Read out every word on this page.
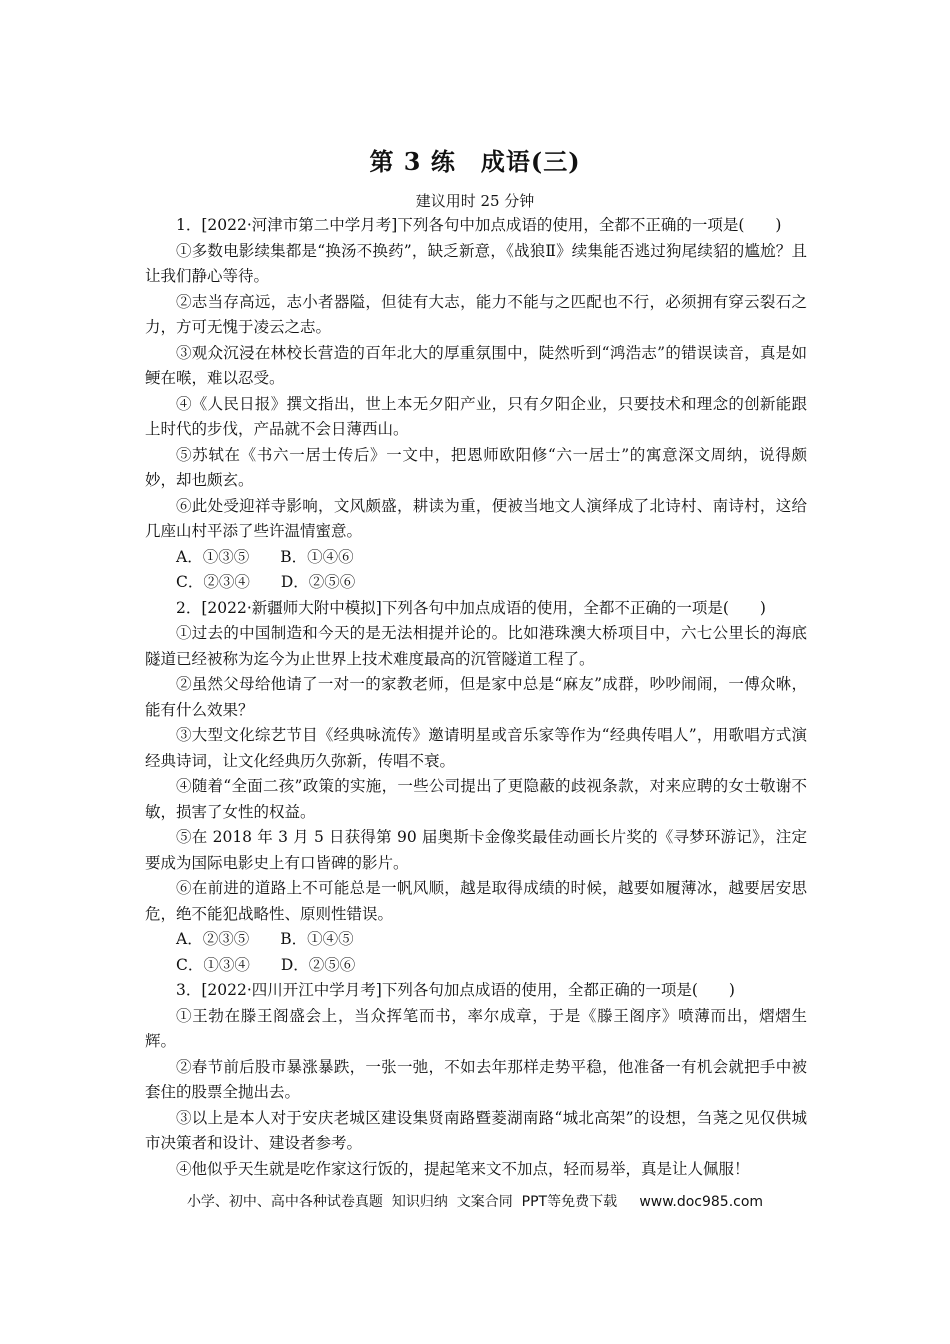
第 3 练　成语(三)
建议用时 25 分钟

1．[2022·河津市第二中学月考]下列各句中加点成语的使用，全都不正确的一项是(　　)

①多数电影续集都是“换汤不换药”，缺乏新意，《战狼Ⅱ》续集能否逃过狗尾续貂的尴尬？且让我们静心等待。

②志当存高远，志小者器隘，但徒有大志，能力不能与之匹配也不行，必须拥有穿云裂石之力，方可无愧于凌云之志。

③观众沉浸在林校长营造的百年北大的厚重氛围中，陡然听到“鸿浩志”的错误读音，真是如鲠在喉，难以忍受。

④《人民日报》撰文指出，世上本无夕阳产业，只有夕阳企业，只要技术和理念的创新能跟上时代的步伐，产品就不会日薄西山。

⑤苏轼在《书六一居士传后》一文中，把恩师欧阳修“六一居士”的寓意深文周纳，说得颇妙，却也颇玄。

⑥此处受迎祥寺影响，文风颇盛，耕读为重，便被当地文人演绎成了北诗村、南诗村，这给几座山村平添了些许温情蜜意。

A．①③⑤　　B．①④⑥

C．②③④　　D．②⑤⑥

2．[2022·新疆师大附中模拟]下列各句中加点成语的使用，全都不正确的一项是(　　)

①过去的中国制造和今天的是无法相提并论的。比如港珠澳大桥项目中，六七公里长的海底隧道已经被称为迄今为止世界上技术难度最高的沉管隧道工程了。

②虽然父母给他请了一对一的家教老师，但是家中总是“麻友”成群，吵吵闹闹，一傅众咻，能有什么效果？

③大型文化综艺节目《经典咏流传》邀请明星或音乐家等作为“经典传唱人”，用歌唱方式演经典诗词，让文化经典历久弥新，传唱不衰。

④随着“全面二孩”政策的实施，一些公司提出了更隐蔽的歧视条款，对来应聘的女士敬谢不敏，损害了女性的权益。

⑤在 2018 年 3 月 5 日获得第 90 届奥斯卡金像奖最佳动画长片奖的《寻梦环游记》，注定要成为国际电影史上有口皆碑的影片。

⑥在前进的道路上不可能总是一帆风顺，越是取得成绩的时候，越要如履薄冰，越要居安思危，绝不能犯战略性、原则性错误。

A．②③⑤　　B．①④⑤

C．①③④　　D．②⑤⑥

3．[2022·四川开江中学月考]下列各句加点成语的使用，全都正确的一项是(　　)

①王勃在滕王阁盛会上，当众挥笔而书，率尔成章，于是《滕王阁序》喷薄而出，熠熠生辉。

②春节前后股市暴涨暴跌，一张一弛，不如去年那样走势平稳，他准备一有机会就把手中被套住的股票全抛出去。

③以上是本人对于安庆老城区建设集贤南路暨菱湖南路“城北高架”的设想，刍荛之见仅供城市决策者和设计、建设者参考。

④他似乎天生就是吃作家这行饭的，提起笔来文不加点，轻而易举，真是让人佩服！

小学、初中、高中各种试卷真题  知识归纳  文案合同  PPT等免费下载     www.doc985.com
